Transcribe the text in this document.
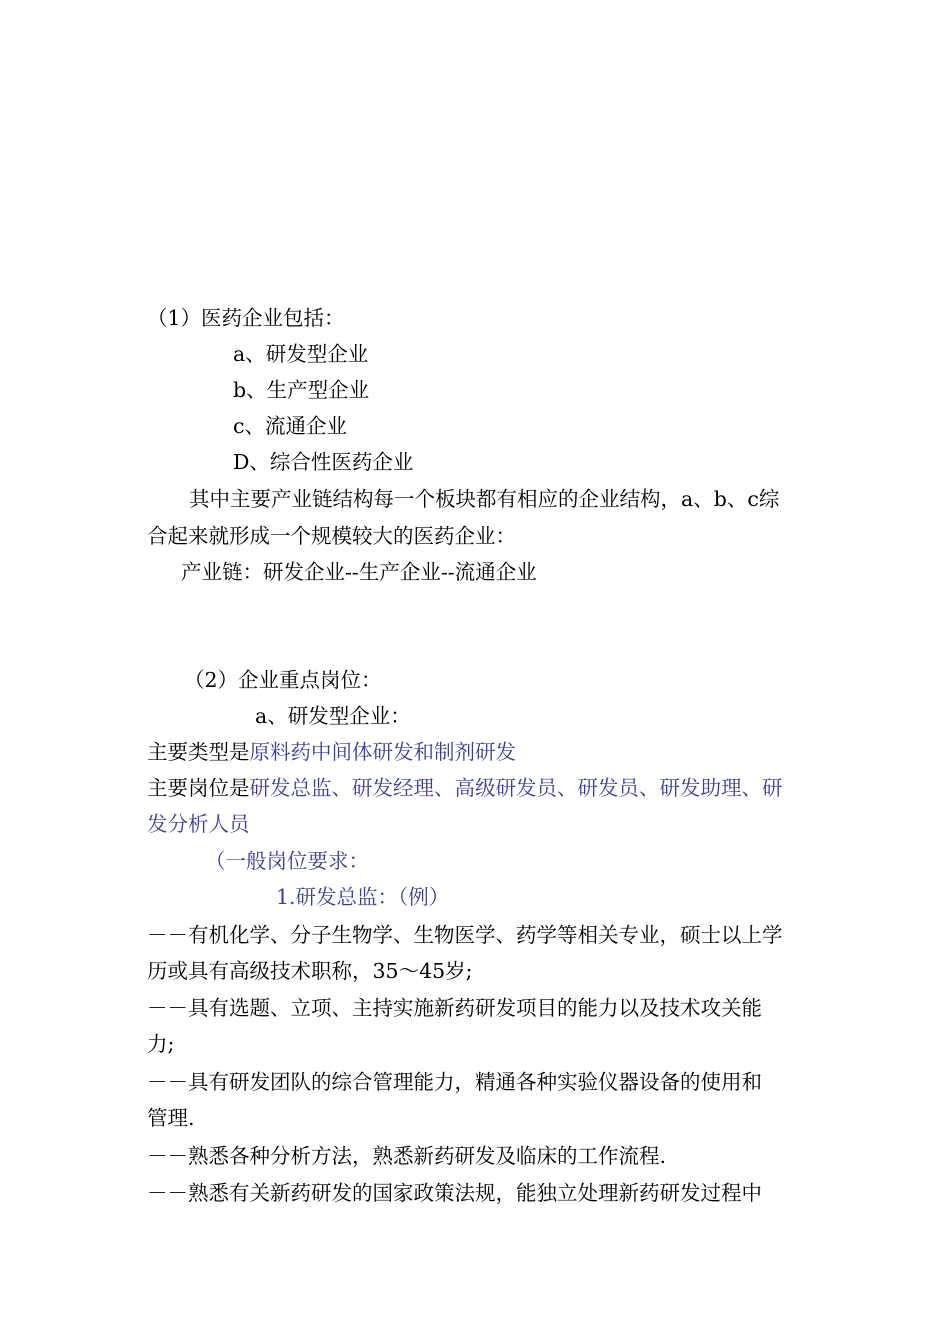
（1）医药企业包括：
a、研发型企业
b、生产型企业
c、流通企业
D、综合性医药企业
其中主要产业链结构每一个板块都有相应的企业结构，a、b、c综
合起来就形成一个规模较大的医药企业：
产业链：研发企业--生产企业--流通企业
（2）企业重点岗位：
a、研发型企业：
主要类型是原料药中间体研发和制剂研发
主要岗位是研发总监、研发经理、高级研发员、研发员、研发助理、研
发分析人员
（一般岗位要求：
1.研发总监：（例）
－－有机化学、分子生物学、生物医学、药学等相关专业，硕士以上学
历或具有高级技术职称，35～45岁;
－－具有选题、立项、主持实施新药研发项目的能力以及技术攻关能
力;
－－具有研发团队的综合管理能力，精通各种实验仪器设备的使用和
管理.
－－熟悉各种分析方法，熟悉新药研发及临床的工作流程.
－－熟悉有关新药研发的国家政策法规，能独立处理新药研发过程中
